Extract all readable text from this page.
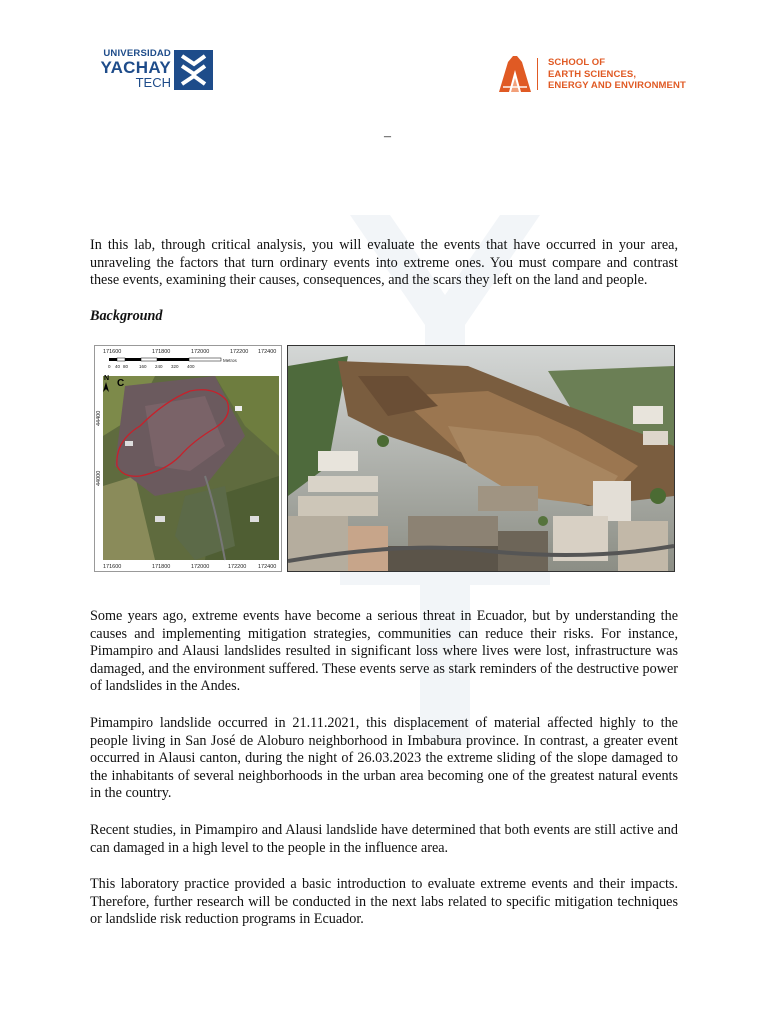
UNIVERSIDAD
YACHAY
TECH
SCHOOL OF
EARTH SCIENCES,
ENERGY AND ENVIRONMENT
–

In this lab, through critical analysis, you will evaluate the events that have occurred in your area, unraveling the factors that turn ordinary events into extreme ones. You must compare and contrast these events, examining their causes, consequences, and the scars they left on the land and people.

Background

171600	171800	172000	172200 172400
171600	171800	172000	172200 172400
44400
44000
0 40 80 160 240 320 400
Metros
N C

Some years ago, extreme events have become a serious threat in Ecuador, but by understanding the causes and implementing mitigation strategies, communities can reduce their risks. For instance, Pimampiro and Alausi landslides resulted in significant loss where lives were lost, infrastructure was damaged, and the environment suffered. These events serve as stark reminders of the destructive power of landslides in the Andes.

Pimampiro landslide occurred in 21.11.2021, this displacement of material affected highly to the people living in San José de Aloburo neighborhood in Imbabura province. In contrast, a greater event occurred in Alausi canton, during the night of 26.03.2023 the extreme sliding of the slope damaged to the inhabitants of several neighborhoods in the urban area becoming one of the greatest natural events in the country.

Recent studies, in Pimampiro and Alausi landslide have determined that both events are still active and can damaged in a high level to the people in the influence area.

This laboratory practice provided a basic introduction to evaluate extreme events and their impacts. Therefore, further research will be conducted in the next labs related to specific mitigation techniques or landslide risk reduction programs in Ecuador.
